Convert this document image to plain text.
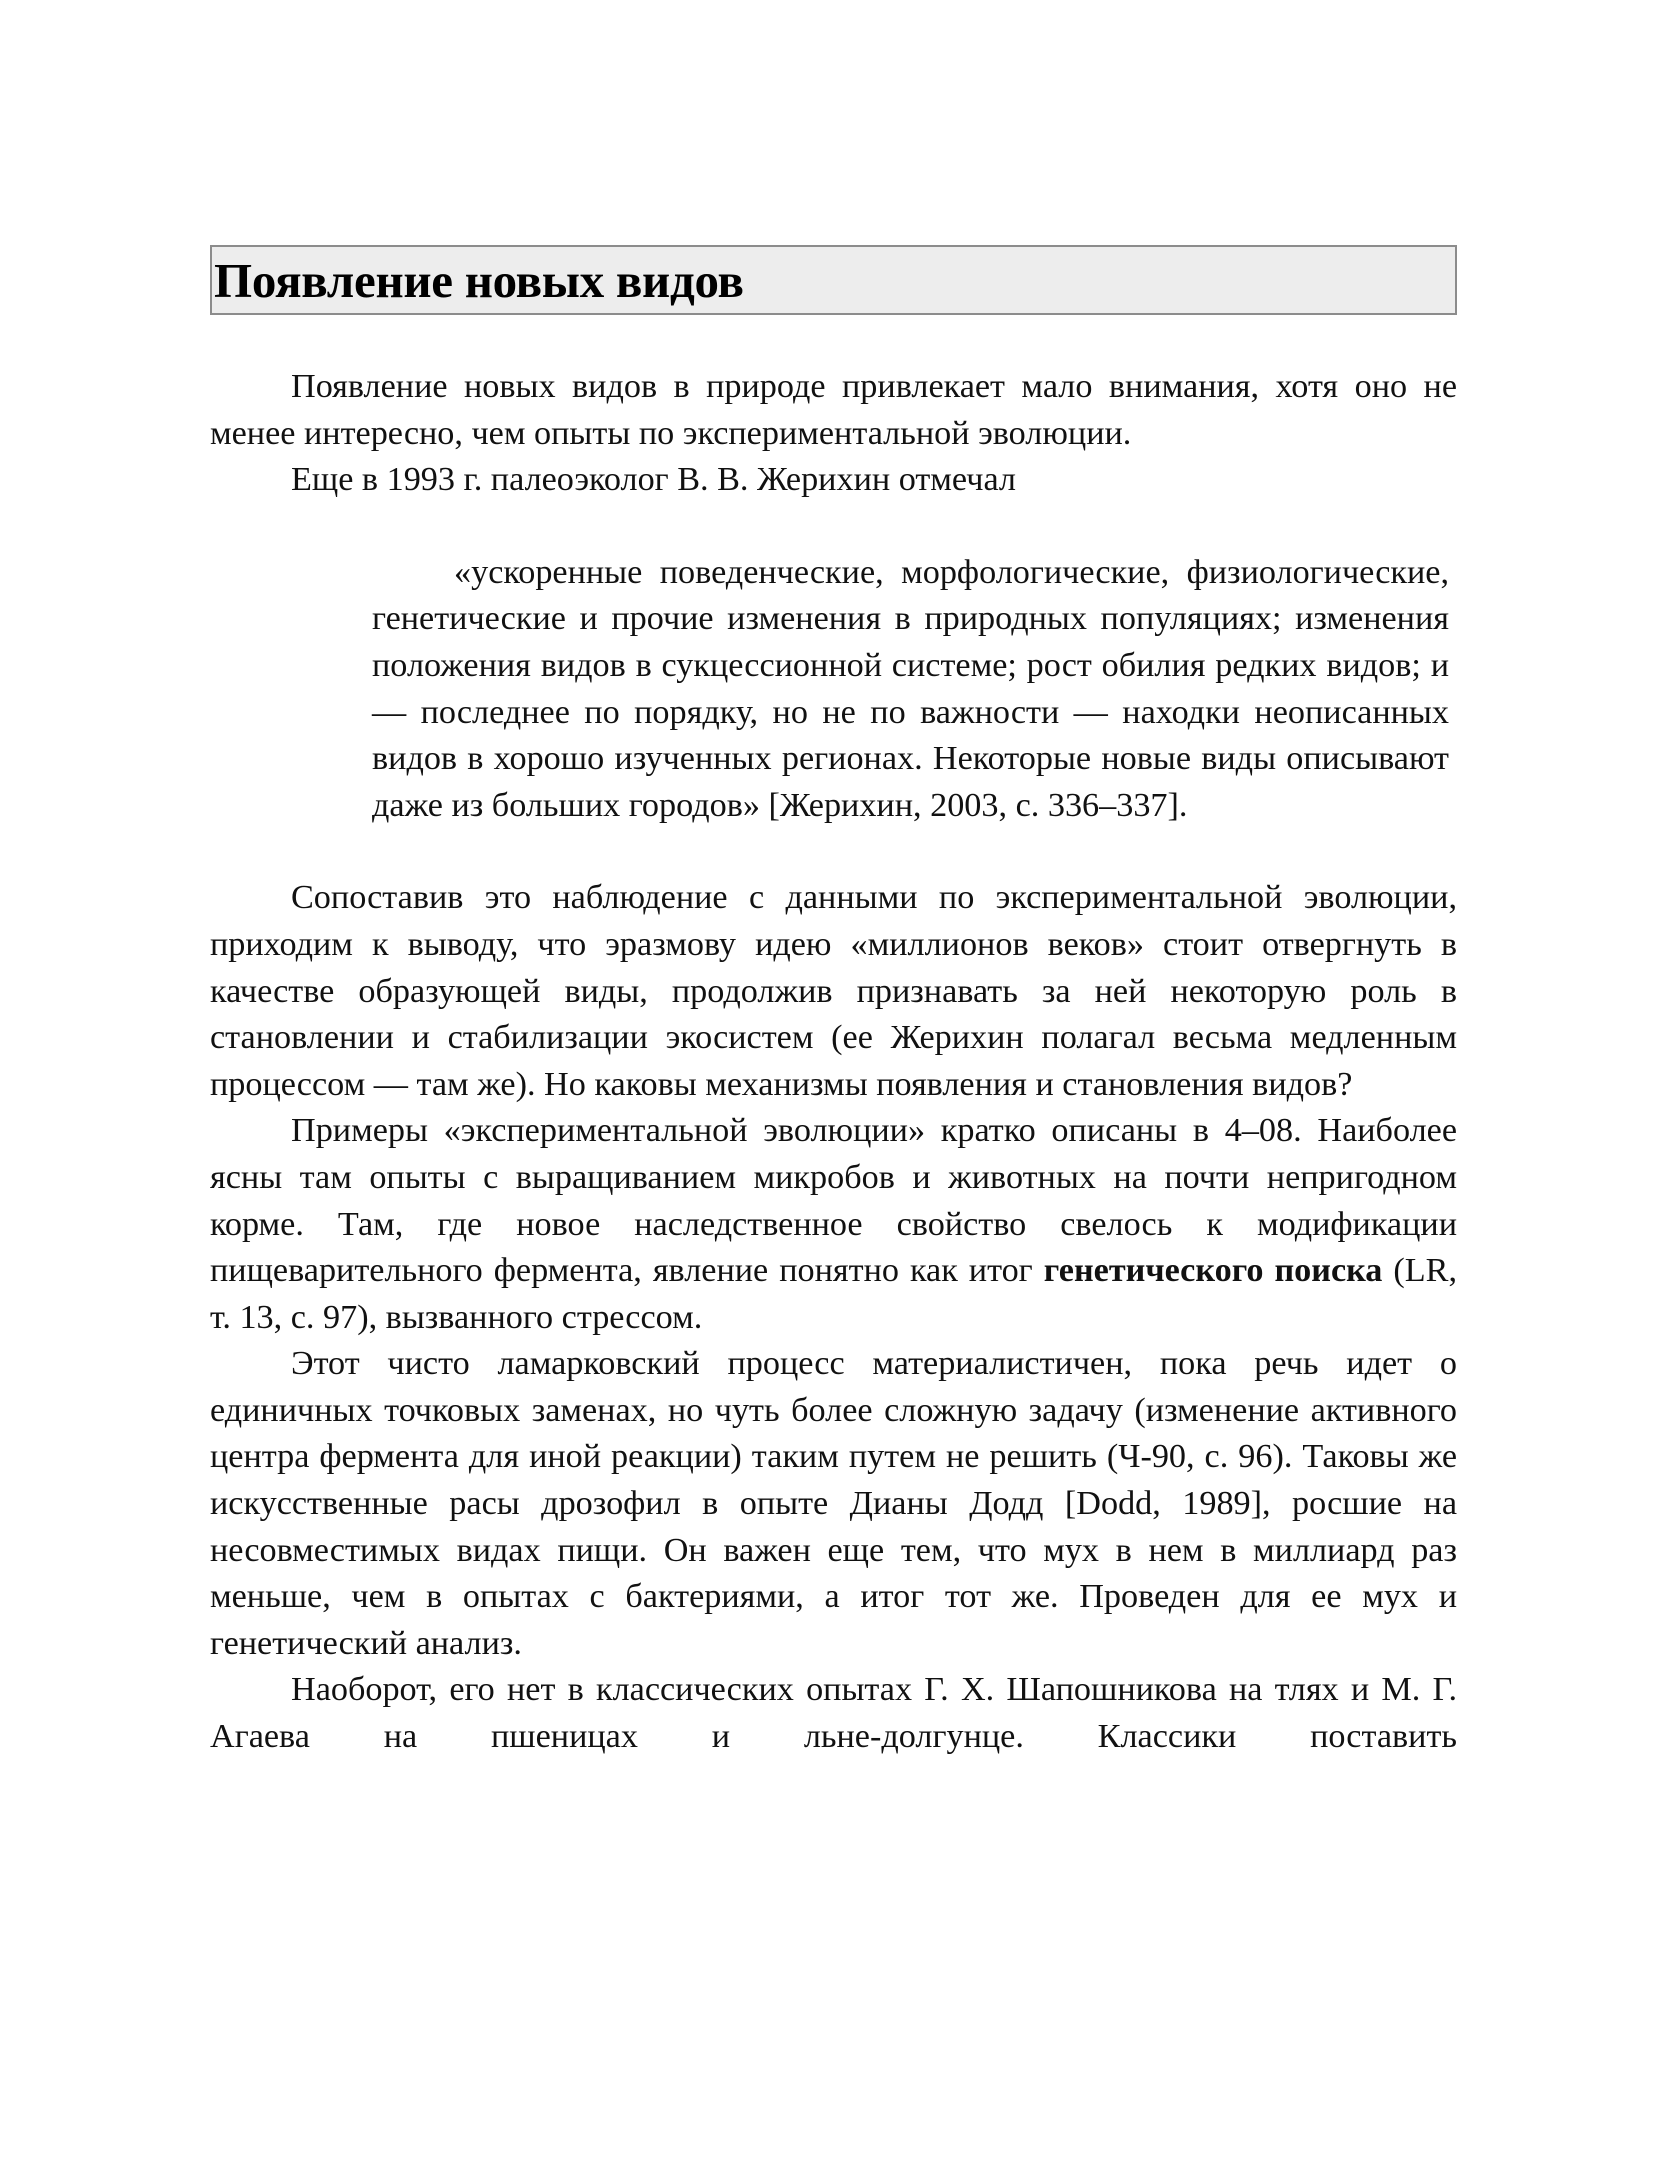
Появление новых видов

Появление новых видов в природе привлекает мало внимания, хотя оно не менее интересно, чем опыты по экспериментальной эволюции.

Еще в 1993 г. палеоэколог В. В. Жерихин отмечал

«ускоренные поведенческие, морфологические, физиологические, генетические и прочие изменения в природных популяциях; изменения положения видов в сукцессионной системе; рост обилия редких видов; и — последнее по порядку, но не по важности — находки неописанных видов в хорошо изученных регионах. Некоторые новые виды описывают даже из больших городов» [Жерихин, 2003, с. 336–337].

Сопоставив это наблюдение с данными по экспериментальной эволюции, приходим к выводу, что эразмову идею «миллионов веков» стоит отвергнуть в качестве образующей виды, продолжив признавать за ней некоторую роль в становлении и стабилизации экосистем (ее Жерихин полагал весьма медленным процессом — там же). Но каковы механизмы появления и становления видов?

Примеры «экспериментальной эволюции» кратко описаны в 4–08. Наиболее ясны там опыты с выращиванием микробов и животных на почти непригодном корме. Там, где новое наследственное свойство свелось к модификации пищеварительного фермента, явление понятно как итог генетического поиска (LR, т. 13, с. 97), вызванного стрессом.

Этот чисто ламарковский процесс материалистичен, пока речь идет о единичных точковых заменах, но чуть более сложную задачу (изменение активного центра фермента для иной реакции) таким путем не решить (Ч-90, с. 96). Таковы же искусственные расы дрозофил в опыте Дианы Додд [Dodd, 1989], росшие на несовместимых видах пищи. Он важен еще тем, что мух в нем в миллиард раз меньше, чем в опытах с бактериями, а итог тот же. Проведен для ее мух и генетический анализ.

Наоборот, его нет в классических опытах Г. Х. Шапошникова на тлях и М. Г. Агаева на пшеницах и льне-долгунце. Классики поставить
